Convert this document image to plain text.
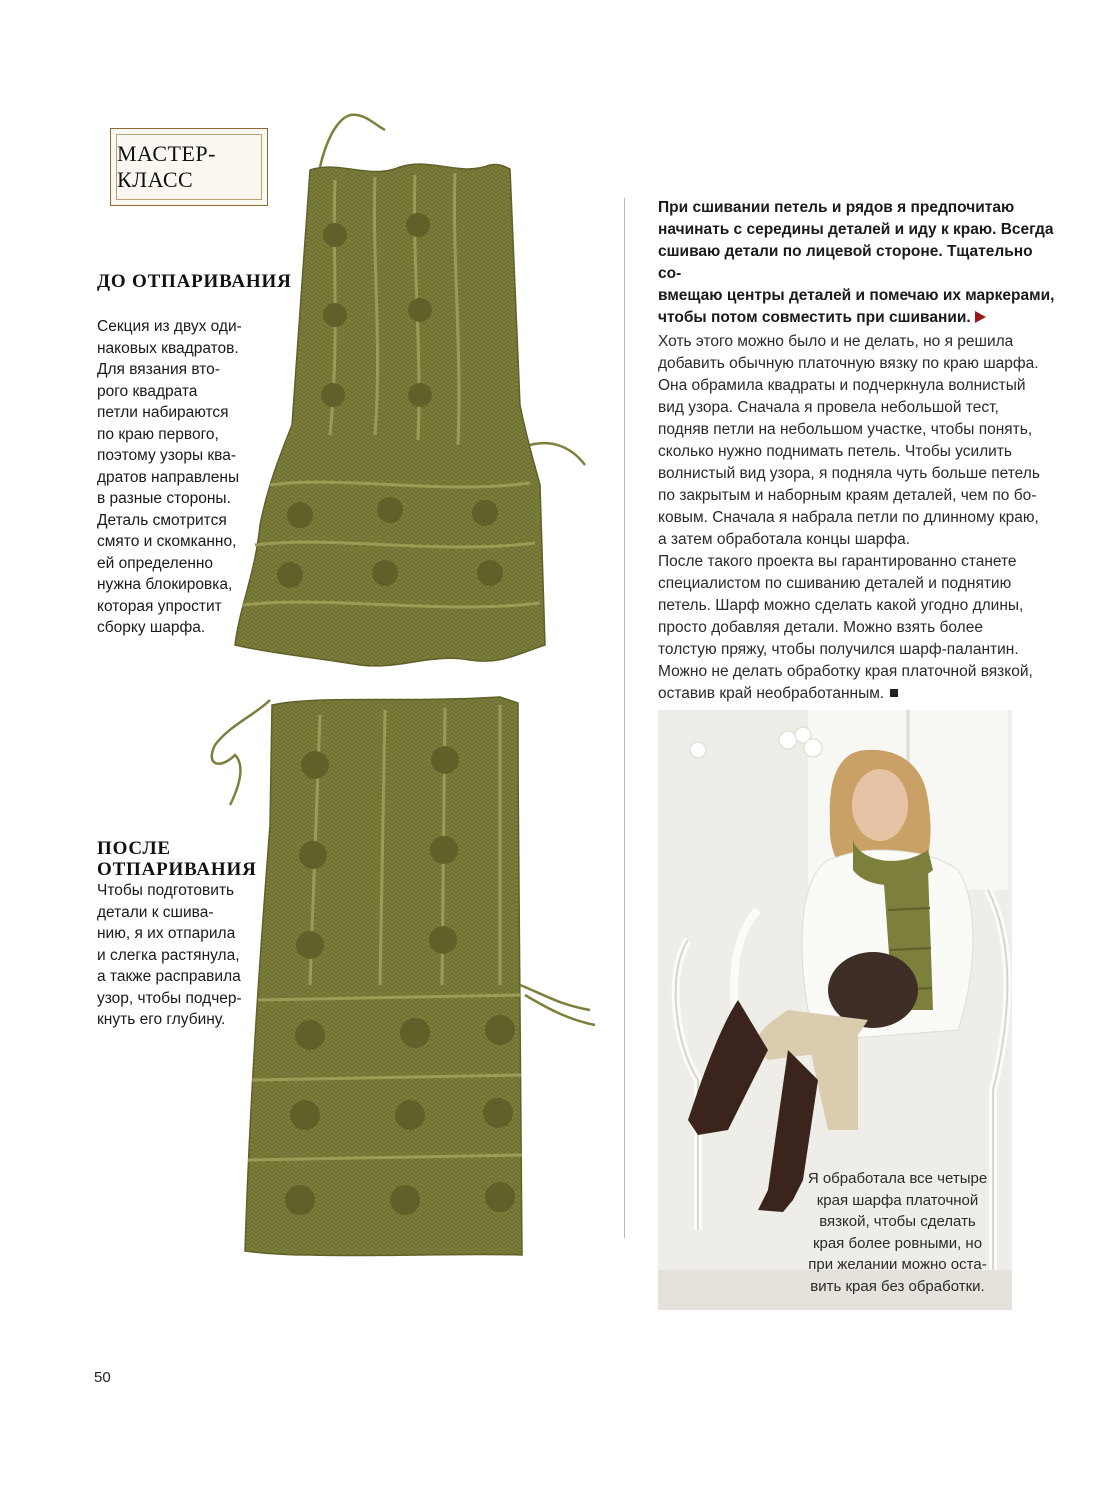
МАСТЕР-КЛАСС
ДО ОТПАРИВАНИЯ

Секция из двух оди-
наковых квадратов.
Для вязания вто-
рого квадрата
петли набираются
по краю первого,
поэтому узоры ква-
дратов направлены
в разные стороны.
Деталь смотрится
смято и скомканно,
ей определенно
нужна блокировка,
которая упростит
сборку шарфа.

ПОСЛЕ
ОТПАРИВАНИЯ

Чтобы подготовить
детали к сшива-
нию, я их отпарила
и слегка растянула,
а также расправила
узор, чтобы подчер-
кнуть его глубину.

При сшивании петель и рядов я предпочитаю
начинать с середины деталей и иду к краю. Всегда
сшиваю детали по лицевой стороне. Тщательно со-
вмещаю центры деталей и помечаю их маркерами,
чтобы потом совместить при сшивании.

Хоть этого можно было и не делать, но я решила
добавить обычную платочную вязку по краю шарфа.
Она обрамила квадраты и подчеркнула волнистый
вид узора. Сначала я провела небольшой тест,
подняв петли на небольшом участке, чтобы понять,
сколько нужно поднимать петель. Чтобы усилить
волнистый вид узора, я подняла чуть больше петель
по закрытым и наборным краям деталей, чем по бо-
ковым. Сначала я набрала петли по длинному краю,
а затем обработала концы шарфа.
После такого проекта вы гарантированно станете
специалистом по сшиванию деталей и поднятию
петель. Шарф можно сделать какой угодно длины,
просто добавляя детали. Можно взять более
толстую пряжу, чтобы получился шарф-палантин.
Можно не делать обработку края платочной вязкой,
оставив край необработанным.

Я обработала все четыре
края шарфа платочной
вязкой, чтобы сделать
края более ровными, но
при желании можно оста-
вить края без обработки.
50
